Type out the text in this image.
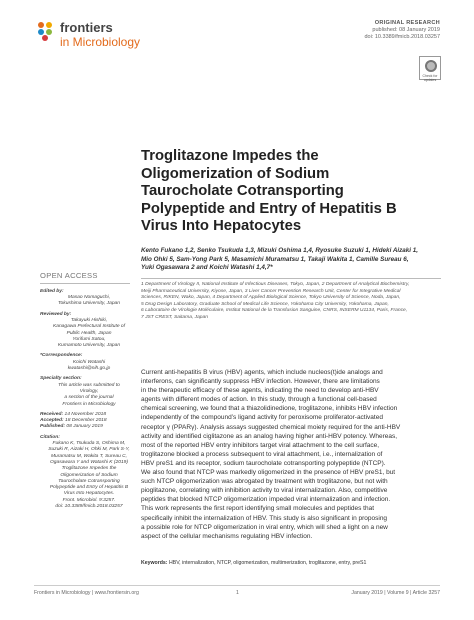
frontiers
in Microbiology
ORIGINAL RESEARCH
published: 08 January 2019
doi: 10.3389/fmicb.2018.03257
Check for updates
OPEN ACCESS
Edited by:
Masao Nomaguchi,
Tokushima University, Japan
Reviewed by:
Takayuki Hishiki,
Kanagawa Prefectural Institute of
Public Health, Japan
Yorifumi Satou,
Kumamoto University, Japan
*Correspondence:
Koichi Watashi
kwatashi@nih.go.jp
Specialty section:
This article was submitted to
Virology,
a section of the journal
Frontiers in Microbiology
Received: 14 November 2018
Accepted: 18 December 2018
Published: 08 January 2019
Citation:
Fukano K, Tsukuda S, Oshima M,
Suzuki R, Aizaki H, Ohki M, Park S-Y,
Muramatsu M, Wakita T, Sureau C,
Ogasawara Y and Watashi K (2019)
Troglitazone Impedes the
Oligomerization of Sodium
Taurocholate Cotransporting
Polypeptide and Entry of Hepatitis B
Virus Into Hepatocytes.
Front. Microbiol. 9:3257.
doi: 10.3389/fmicb.2018.03257
Troglitazone Impedes the
Oligomerization of Sodium
Taurocholate Cotransporting
Polypeptide and Entry of Hepatitis B
Virus Into Hepatocytes
Kento Fukano 1,2, Senko Tsukuda 1,3, Mizuki Oshima 1,4, Ryosuke Suzuki 1, Hideki Aizaki 1,
Mio Ohki 5, Sam-Yong Park 5, Masamichi Muramatsu 1, Takaji Wakita 1, Camille Sureau 6,
Yuki Ogasawara 2 and Koichi Watashi 1,4,7*
1 Department of Virology II, National Institute of Infectious Diseases, Tokyo, Japan, 2 Department of Analytical Biochemistry,
Meiji Pharmaceutical University, Kiyose, Japan, 3 Liver Cancer Prevention Research Unit, Center for Integrative Medical
Sciences, RIKEN, Wako, Japan, 4 Department of Applied Biological Science, Tokyo University of Science, Noda, Japan,
5 Drug Design Laboratory, Graduate School of Medical Life Science, Yokohama City University, Yokohama, Japan,
6 Laboratoire de Virologie Moléculaire, Institut National de la Transfusion Sanguine, CNRS, INSERM U1134, Paris, France,
7 JST CREST, Saitama, Japan
Current anti-hepatitis B virus (HBV) agents, which include nucleos(t)ide analogs and
interferons, can significantly suppress HBV infection. However, there are limitations
in the therapeutic efficacy of these agents, indicating the need to develop anti-HBV
agents with different modes of action. In this study, through a functional cell-based
chemical screening, we found that a thiazolidinedione, troglitazone, inhibits HBV infection
independently of the compound’s ligand activity for peroxisome proliferator-activated
receptor γ (PPARγ). Analysis assays suggested chemical moiety required for the anti-HBV
activity and identified ciglitazone as an analog having higher anti-HBV potency. Whereas,
most of the reported HBV entry inhibitors target viral attachment to the cell surface,
troglitazone blocked a process subsequent to viral attachment, i.e., internalization of
HBV preS1 and its receptor, sodium taurocholate cotransporting polypeptide (NTCP).
We also found that NTCP was markedly oligomerized in the presence of HBV preS1, but
such NTCP oligomerization was abrogated by treatment with troglitazone, but not with
pioglitazone, correlating with inhibition activity to viral internalization. Also, competitive
peptides that blocked NTCP oligomerization impeded viral internalization and infection.
This work represents the first report identifying small molecules and peptides that
specifically inhibit the internalization of HBV. This study is also significant in proposing
a possible role for NTCP oligomerization in viral entry, which will shed a light on a new
aspect of the cellular mechanisms regulating HBV infection.
Keywords: HBV, internalization, NTCP, oligomerization, multimerization, troglitazone, entry, preS1
Frontiers in Microbiology | www.frontiersin.org	1	January 2019 | Volume 9 | Article 3257
